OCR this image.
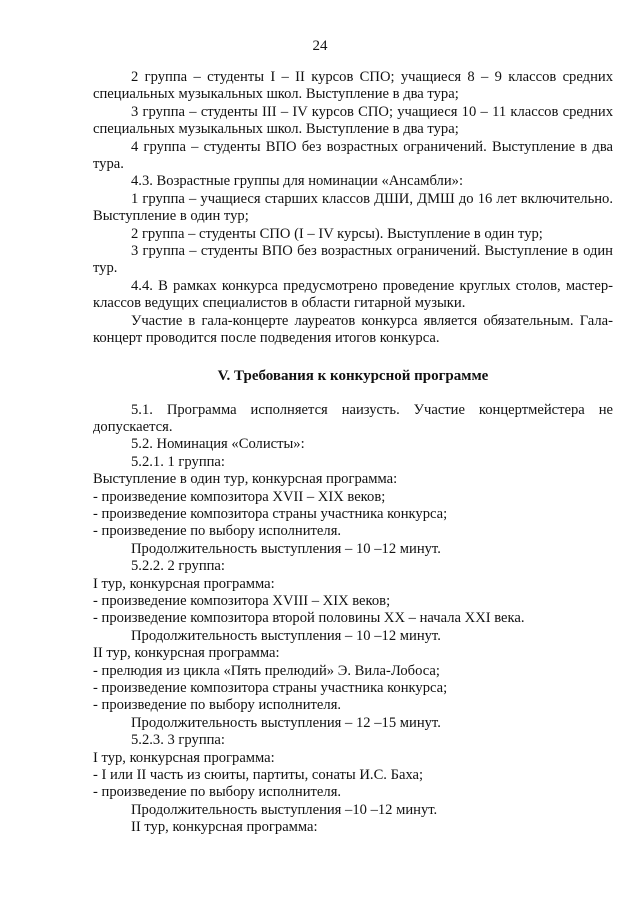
24

2 группа – студенты I – II курсов СПО; учащиеся 8 – 9 классов средних специальных музыкальных школ. Выступление в два тура;

3 группа – студенты III – IV курсов СПО; учащиеся 10 – 11 классов средних специальных музыкальных школ. Выступление в два тура;

4 группа – студенты ВПО без возрастных ограничений. Выступление в два тура.

4.3. Возрастные группы для номинации «Ансамбли»:

1 группа – учащиеся старших классов ДШИ, ДМШ до 16 лет включительно. Выступление в один тур;

2 группа – студенты СПО (I – IV курсы). Выступление в один тур;

3 группа – студенты ВПО без возрастных ограничений. Выступление в один тур.

4.4. В рамках конкурса предусмотрено проведение круглых столов, мастер-классов ведущих специалистов в области гитарной музыки.

Участие в гала-концерте лауреатов конкурса является обязательным. Гала-концерт проводится после подведения итогов конкурса.

V. Требования к конкурсной программе

5.1. Программа исполняется наизусть. Участие концертмейстера не допускается.

5.2. Номинация «Солисты»:

5.2.1. 1 группа:

Выступление в один тур, конкурсная программа:

- произведение композитора XVII – XIX веков;

- произведение композитора страны участника конкурса;

- произведение по выбору исполнителя.

Продолжительность выступления – 10 –12 минут.

5.2.2. 2 группа:

I тур, конкурсная программа:

- произведение композитора XVIII – XIX веков;

- произведение композитора второй половины XX – начала XXI века.

Продолжительность выступления – 10 –12 минут.

II тур, конкурсная программа:

- прелюдия из цикла «Пять прелюдий» Э. Вила-Лобоса;

- произведение композитора страны участника конкурса;

- произведение по выбору исполнителя.

Продолжительность выступления – 12 –15 минут.

5.2.3. 3 группа:

I тур, конкурсная программа:

- I или II часть из сюиты, партиты, сонаты И.С. Баха;

- произведение по выбору исполнителя.

Продолжительность выступления –10 –12 минут.

II тур, конкурсная программа:
